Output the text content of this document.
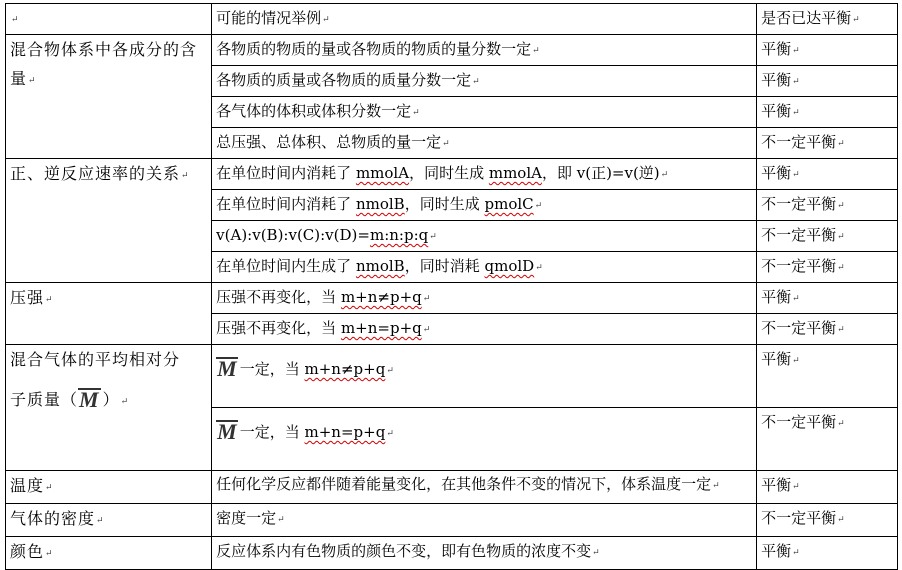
↵	可能的情况举例↵	是否已达平衡↵
混合物体系中各成分的含量↵	各物质的物质的量或各物质的物质的量分数一定↵	平衡↵
	各物质的质量或各物质的质量分数一定↵	平衡↵
	各气体的体积或体积分数一定↵	平衡↵
	总压强、总体积、总物质的量一定↵	不一定平衡↵
正、逆反应速率的关系↵	在单位时间内消耗了 mmolA，同时生成 mmolA，即 v(正)=v(逆)↵	平衡↵
	在单位时间内消耗了 nmolB，同时生成 pmolC↵	不一定平衡↵
	v(A):v(B):v(C):v(D)=m:n:p:q↵	不一定平衡↵
	在单位时间内生成了 nmolB，同时消耗 qmolD↵	不一定平衡↵
压强↵	压强不再变化，当 m+n≠p+q↵	平衡↵
	压强不再变化，当 m+n=p+q↵	不一定平衡↵

混合气体的平均相对分
子质量（M ）↵	M 一定，当 m+n≠p+q↵	平衡↵
	M 一定，当 m+n=p+q↵	不一定平衡↵
温度↵	任何化学反应都伴随着能量变化，在其他条件不变的情况下，体系温度一定↵	平衡↵
气体的密度↵	密度一定↵	不一定平衡↵
颜色↵	反应体系内有色物质的颜色不变，即有色物质的浓度不变↵	平衡↵
